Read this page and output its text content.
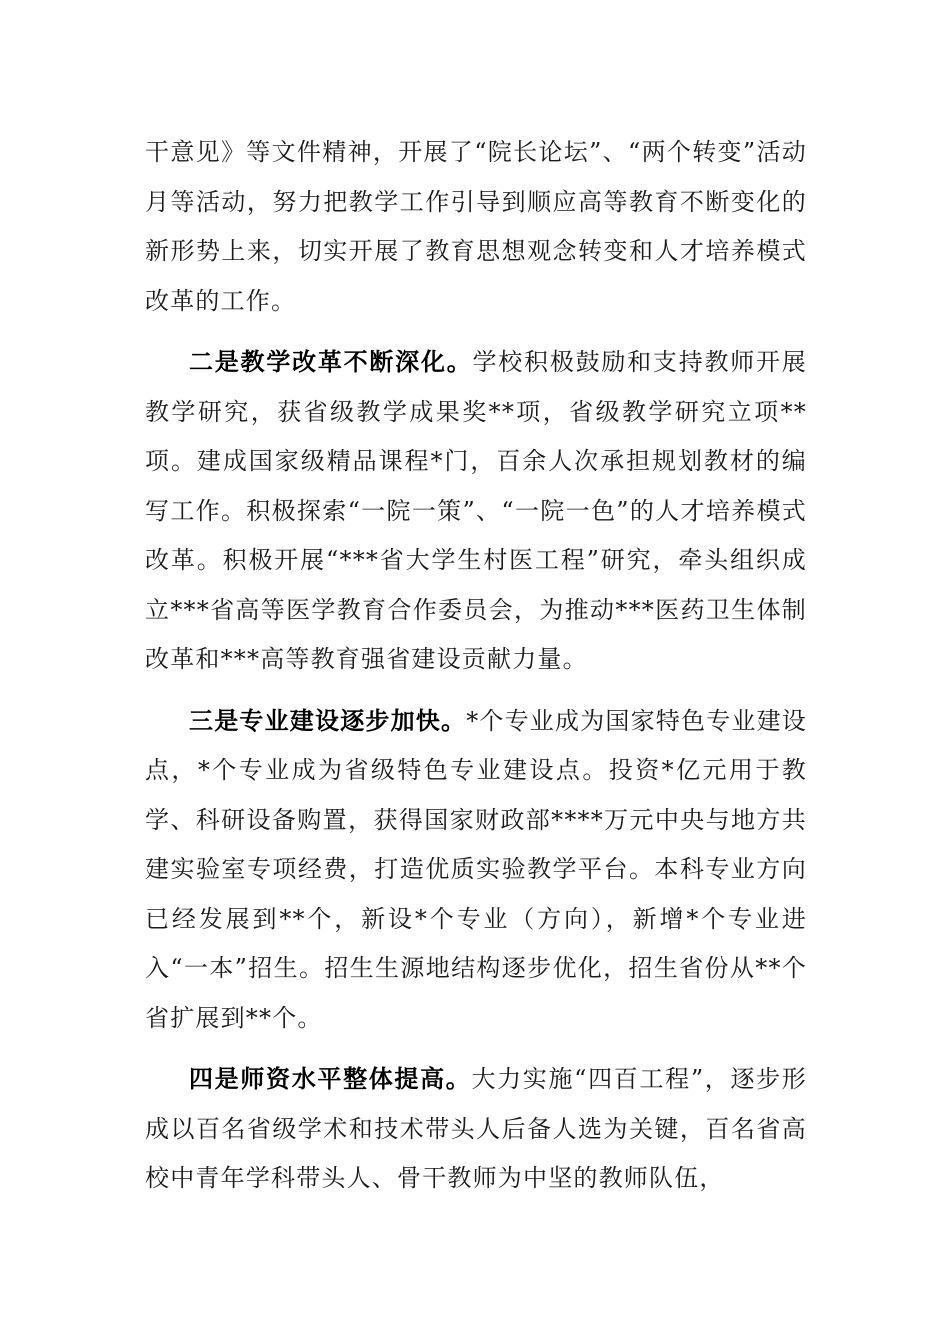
干意见》等文件精神，开展了“院长论坛”、“两个转变”活动月等活动，努力把教学工作引导到顺应高等教育不断变化的新形势上来，切实开展了教育思想观念转变和人才培养模式改革的工作。

二是教学改革不断深化。学校积极鼓励和支持教师开展教学研究，获省级教学成果奖**项，省级教学研究立项**项。建成国家级精品课程*门，百余人次承担规划教材的编写工作。积极探索“一院一策”、“一院一色”的人才培养模式改革。积极开展“***省大学生村医工程”研究，牵头组织成立***省高等医学教育合作委员会，为推动***医药卫生体制改革和***高等教育强省建设贡献力量。

三是专业建设逐步加快。*个专业成为国家特色专业建设点，*个专业成为省级特色专业建设点。投资*亿元用于教学、科研设备购置，获得国家财政部****万元中央与地方共建实验室专项经费，打造优质实验教学平台。本科专业方向已经发展到**个，新设*个专业（方向），新增*个专业进入“一本”招生。招生生源地结构逐步优化，招生省份从**个省扩展到**个。

四是师资水平整体提高。大力实施“四百工程”，逐步形成以百名省级学术和技术带头人后备人选为关键，百名省高校中青年学科带头人、骨干教师为中坚的教师队伍，
